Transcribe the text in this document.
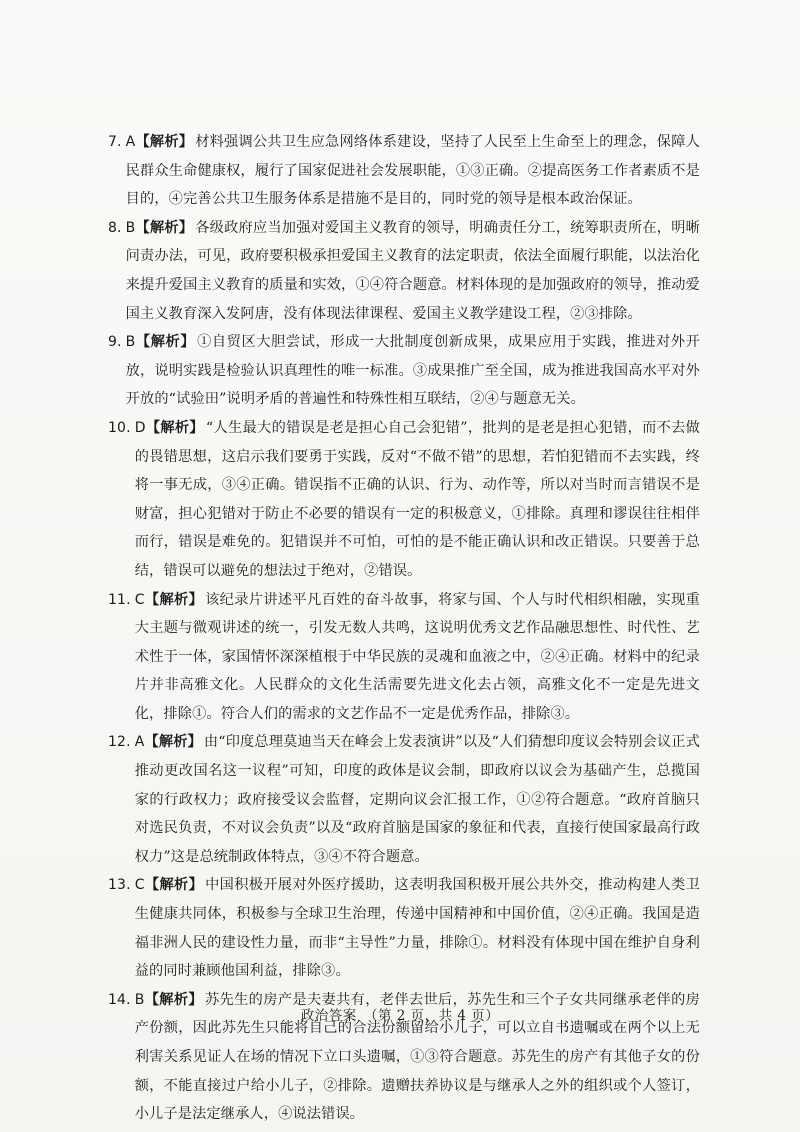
7. A【解析】 材料强调公共卫生应急网络体系建设，坚持了人民至上生命至上的理念，保障人民群众生命健康权，履行了国家促进社会发展职能，①③正确。②提高医务工作者素质不是目的，④完善公共卫生服务体系是措施不是目的，同时党的领导是根本政治保证。
8. B【解析】 各级政府应当加强对爱国主义教育的领导，明确责任分工，统筹职责所在，明晰问责办法，可见，政府要积极承担爱国主义教育的法定职责，依法全面履行职能，以法治化来提升爱国主义教育的质量和实效，①④符合题意。材料体现的是加强政府的领导，推动爱国主义教育深入发阿唐，没有体现法律课程、爱国主义教学建设工程，②③排除。
9. B【解析】 ①自贸区大胆尝试，形成一大批制度创新成果，成果应用于实践，推进对外开放，说明实践是检验认识真理性的唯一标准。③成果推广至全国，成为推进我国高水平对外开放的“试验田”说明矛盾的普遍性和特殊性相互联结，②④与题意无关。
10. D【解析】 “人生最大的错误是老是担心自己会犯错”，批判的是老是担心犯错，而不去做的畏错思想，这启示我们要勇于实践，反对“不做不错”的思想，若怕犯错而不去实践，终将一事无成，③④正确。错误指不正确的认识、行为、动作等，所以对当时而言错误不是财富，担心犯错对于防止不必要的错误有一定的积极意义，①排除。真理和谬误往往相伴而行，错误是难免的。犯错误并不可怕，可怕的是不能正确认识和改正错误。只要善于总结，错误可以避免的想法过于绝对，②错误。
11. C【解析】 该纪录片讲述平凡百姓的奋斗故事，将家与国、个人与时代相织相融，实现重大主题与微观讲述的统一，引发无数人共鸣，这说明优秀文艺作品融思想性、时代性、艺术性于一体，家国情怀深深植根于中华民族的灵魂和血液之中，②④正确。材料中的纪录片并非高雅文化。人民群众的文化生活需要先进文化去占领，高雅文化不一定是先进文化，排除①。符合人们的需求的文艺作品不一定是优秀作品，排除③。
12. A【解析】 由“印度总理莫迪当天在峰会上发表演讲”以及“人们猜想印度议会特别会议正式推动更改国名这一议程”可知，印度的政体是议会制，即政府以议会为基础产生，总揽国家的行政权力；政府接受议会监督，定期向议会汇报工作，①②符合题意。“政府首脑只对选民负责，不对议会负责”以及“政府首脑是国家的象征和代表，直接行使国家最高行政权力”这是总统制政体特点，③④不符合题意。
13. C【解析】 中国积极开展对外医疗援助，这表明我国积极开展公共外交，推动构建人类卫生健康共同体，积极参与全球卫生治理，传递中国精神和中国价值，②④正确。我国是造福非洲人民的建设性力量，而非“主导性”力量，排除①。材料没有体现中国在维护自身利益的同时兼顾他国利益，排除③。
14. B【解析】 苏先生的房产是夫妻共有，老伴去世后，苏先生和三个子女共同继承老伴的房产份额，因此苏先生只能将自己的合法份额留给小儿子，可以立自书遗嘱或在两个以上无利害关系见证人在场的情况下立口头遗嘱，①③符合题意。苏先生的房产有其他子女的份额，不能直接过户给小儿子，②排除。遗赠扶养协议是与继承人之外的组织或个人签订，小儿子是法定继承人，④说法错误。
政治答案　（第 2 页，共 4 页）
